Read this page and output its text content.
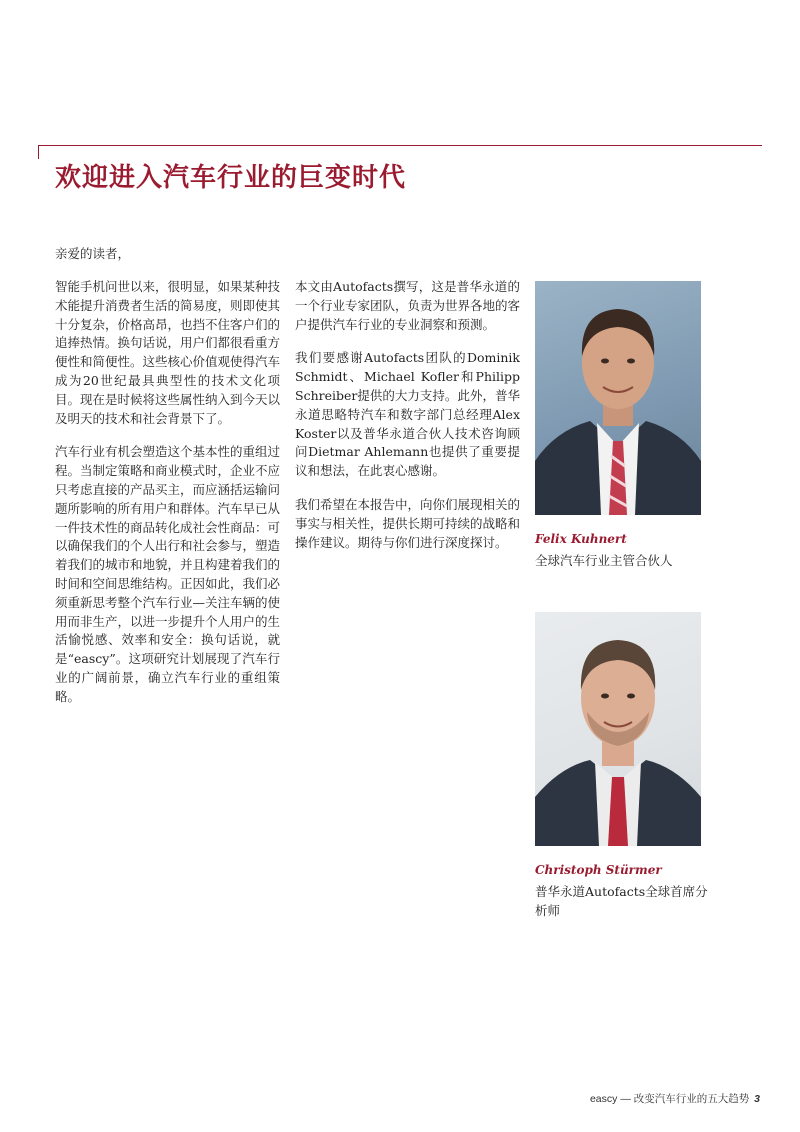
欢迎进入汽车行业的巨变时代
亲爱的读者，

智能手机问世以来，很明显，如果某种技术能提升消费者生活的简易度，则即使其十分复杂，价格高昂，也挡不住客户们的追捧热情。换句话说，用户们都很看重方便性和简便性。这些核心价值观使得汽车成为20世纪最具典型性的技术文化项目。现在是时候将这些属性纳入到今天以及明天的技术和社会背景下了。

汽车行业有机会塑造这个基本性的重组过程。当制定策略和商业模式时，企业不应只考虑直接的产品买主，而应涵括运输问题所影响的所有用户和群体。汽车早已从一件技术性的商品转化成社会性商品：可以确保我们的个人出行和社会参与，塑造着我们的城市和地貌，并且构建着我们的时间和空间思维结构。正因如此，我们必须重新思考整个汽车行业—关注车辆的使用而非生产，以进一步提升个人用户的生活愉悦感、效率和安全：换句话说，就是“eascy”。这项研究计划展现了汽车行业的广阔前景，确立汽车行业的重组策略。

本文由Autofacts撰写，这是普华永道的一个行业专家团队，负责为世界各地的客户提供汽车行业的专业洞察和预测。

我们要感谢Autofacts团队的Dominik Schmidt、Michael Kofler和Philipp Schreiber提供的大力支持。此外，普华永道思略特汽车和数字部门总经理Alex Koster以及普华永道合伙人技术咨询顾问Dietmar Ahlemann也提供了重要提议和想法，在此衷心感谢。

我们希望在本报告中，向你们展现相关的事实与相关性，提供长期可持续的战略和操作建议。期待与你们进行深度探讨。	Felix Kuhnert
全球汽车行业主管合伙人
Christoph Stürmer
普华永道Autofacts全球首席分析师
eascy — 改变汽车行业的五大趋势 3
